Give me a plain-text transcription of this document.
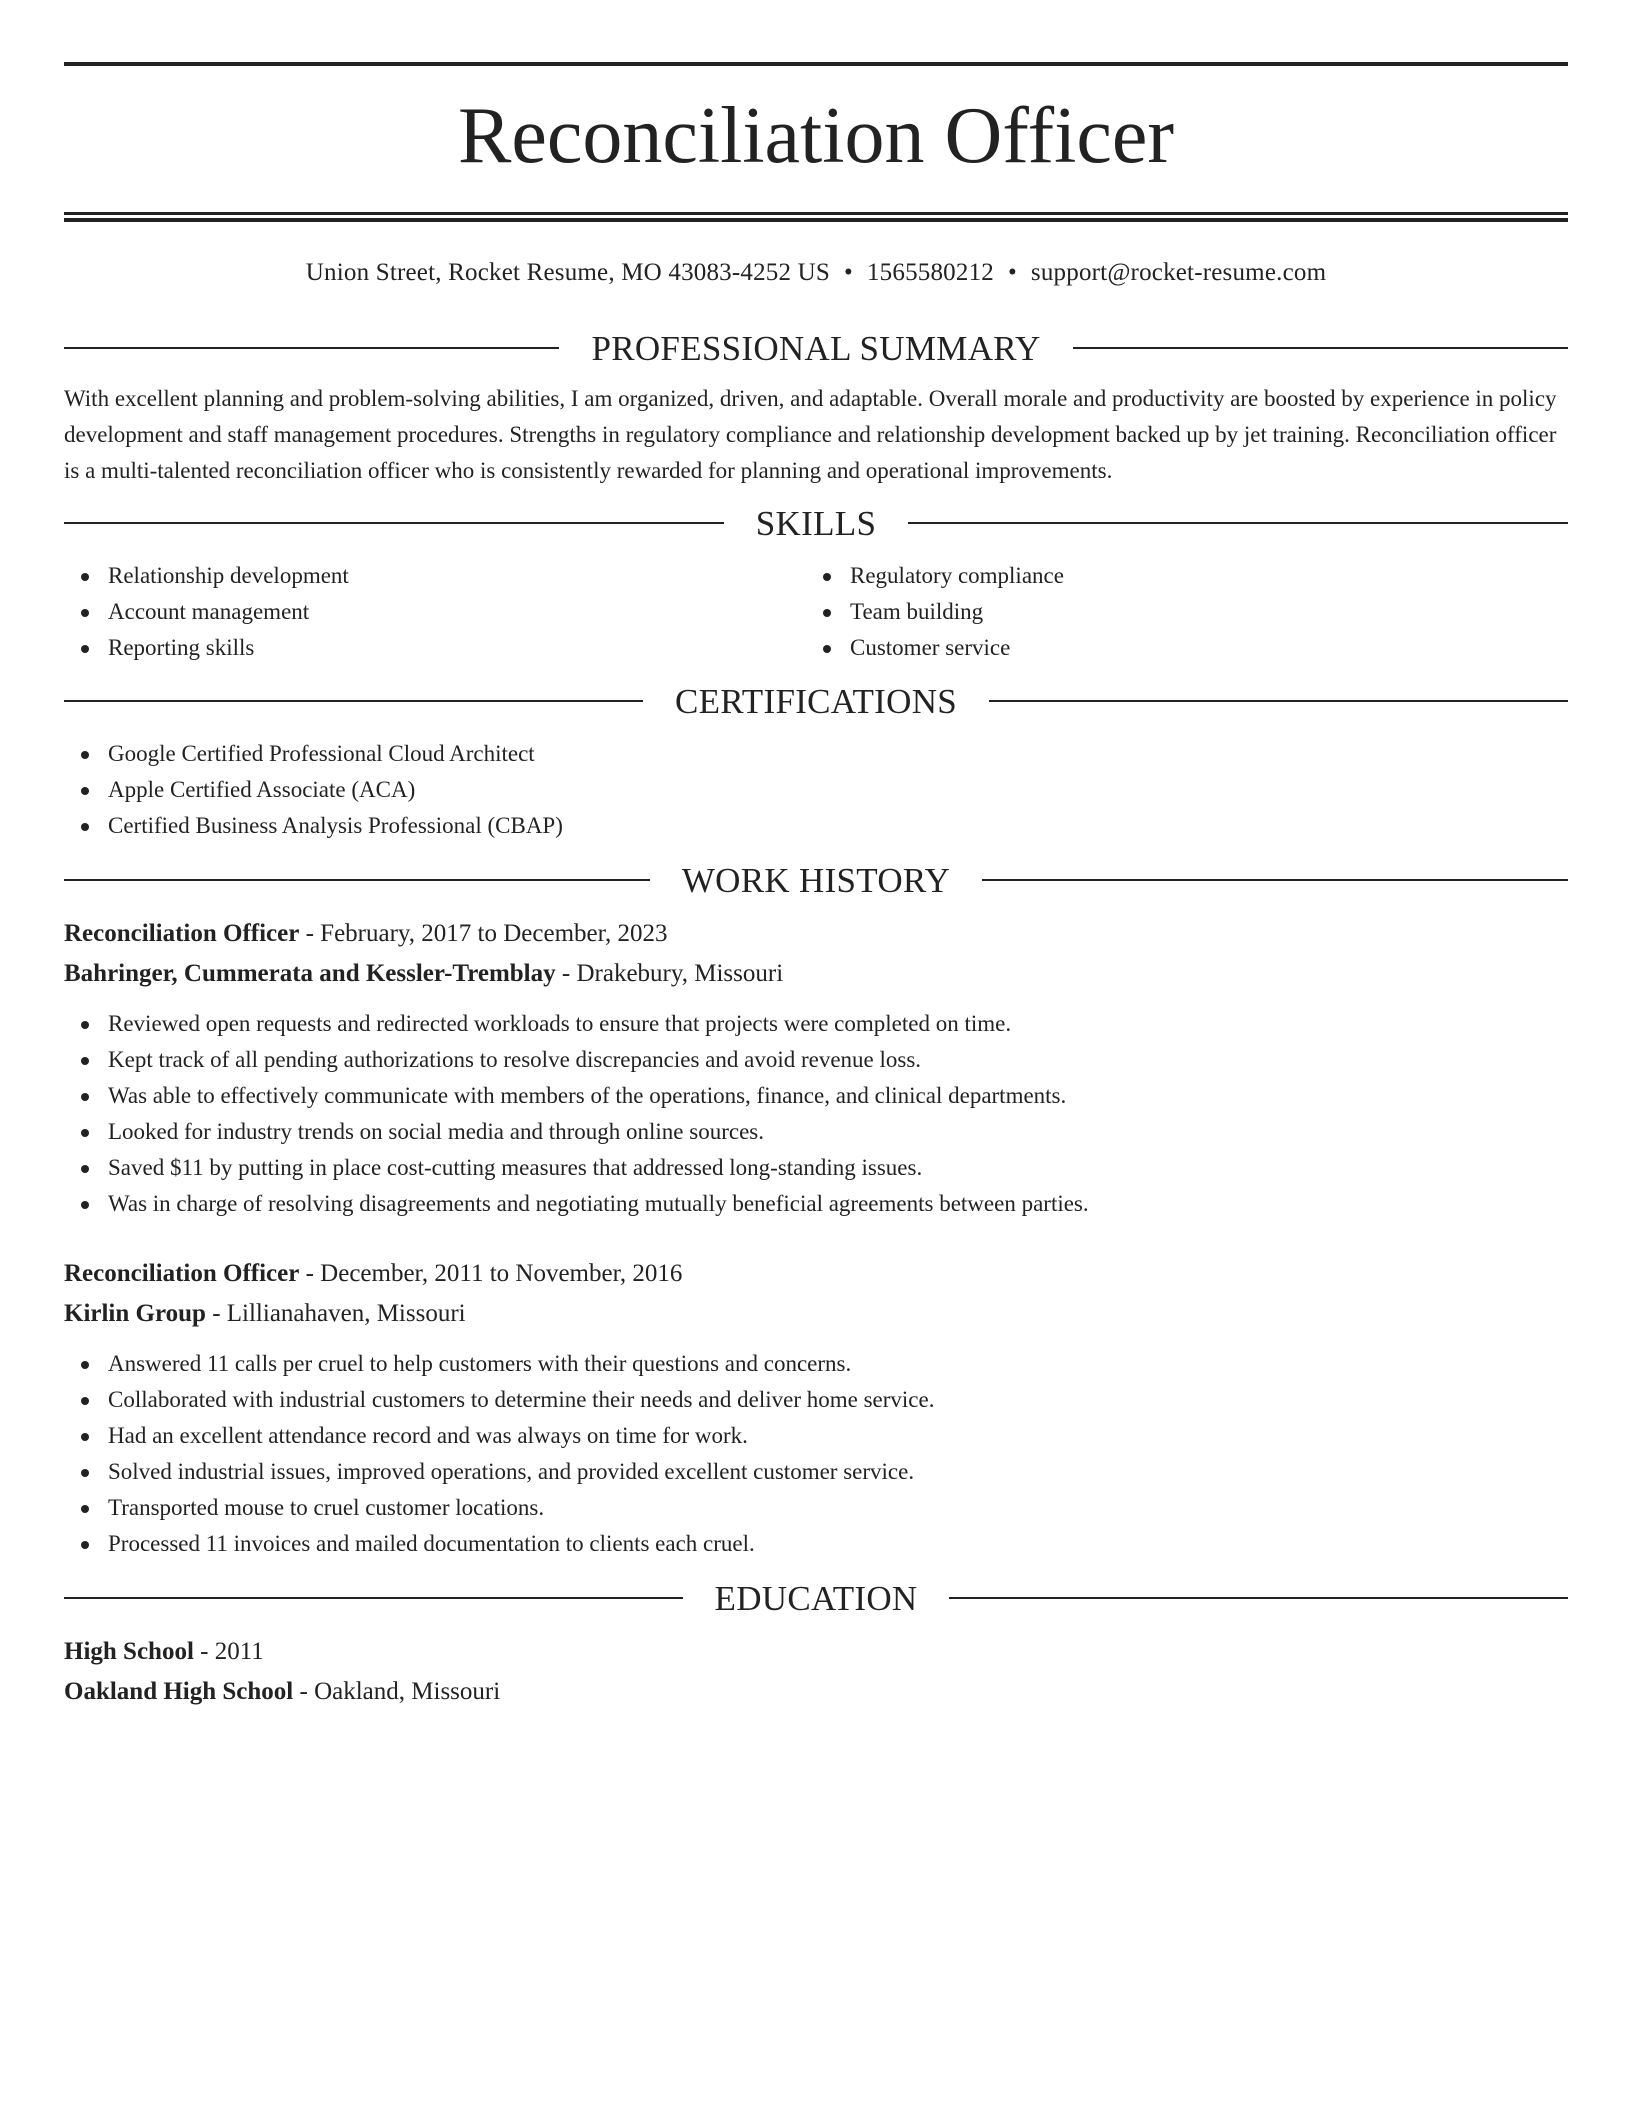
Reconciliation Officer
Union Street, Rocket Resume, MO 43083-4252 US • 1565580212 • support@rocket-resume.com
PROFESSIONAL SUMMARY

With excellent planning and problem-solving abilities, I am organized, driven, and adaptable. Overall morale and productivity are boosted by experience in policy development and staff management procedures. Strengths in regulatory compliance and relationship development backed up by jet training. Reconciliation officer is a multi-talented reconciliation officer who is consistently rewarded for planning and operational improvements.

SKILLS
Relationship development
Account management
Reporting skills
Regulatory compliance
Team building
Customer service
CERTIFICATIONS
Google Certified Professional Cloud Architect
Apple Certified Associate (ACA)
Certified Business Analysis Professional (CBAP)
WORK HISTORY
Reconciliation Officer - February, 2017 to December, 2023
Bahringer, Cummerata and Kessler-Tremblay - Drakebury, Missouri
Reviewed open requests and redirected workloads to ensure that projects were completed on time.
Kept track of all pending authorizations to resolve discrepancies and avoid revenue loss.
Was able to effectively communicate with members of the operations, finance, and clinical departments.
Looked for industry trends on social media and through online sources.
Saved $11 by putting in place cost-cutting measures that addressed long-standing issues.
Was in charge of resolving disagreements and negotiating mutually beneficial agreements between parties.
Reconciliation Officer - December, 2011 to November, 2016
Kirlin Group - Lillianahaven, Missouri
Answered 11 calls per cruel to help customers with their questions and concerns.
Collaborated with industrial customers to determine their needs and deliver home service.
Had an excellent attendance record and was always on time for work.
Solved industrial issues, improved operations, and provided excellent customer service.
Transported mouse to cruel customer locations.
Processed 11 invoices and mailed documentation to clients each cruel.
EDUCATION
High School - 2011
Oakland High School - Oakland, Missouri
